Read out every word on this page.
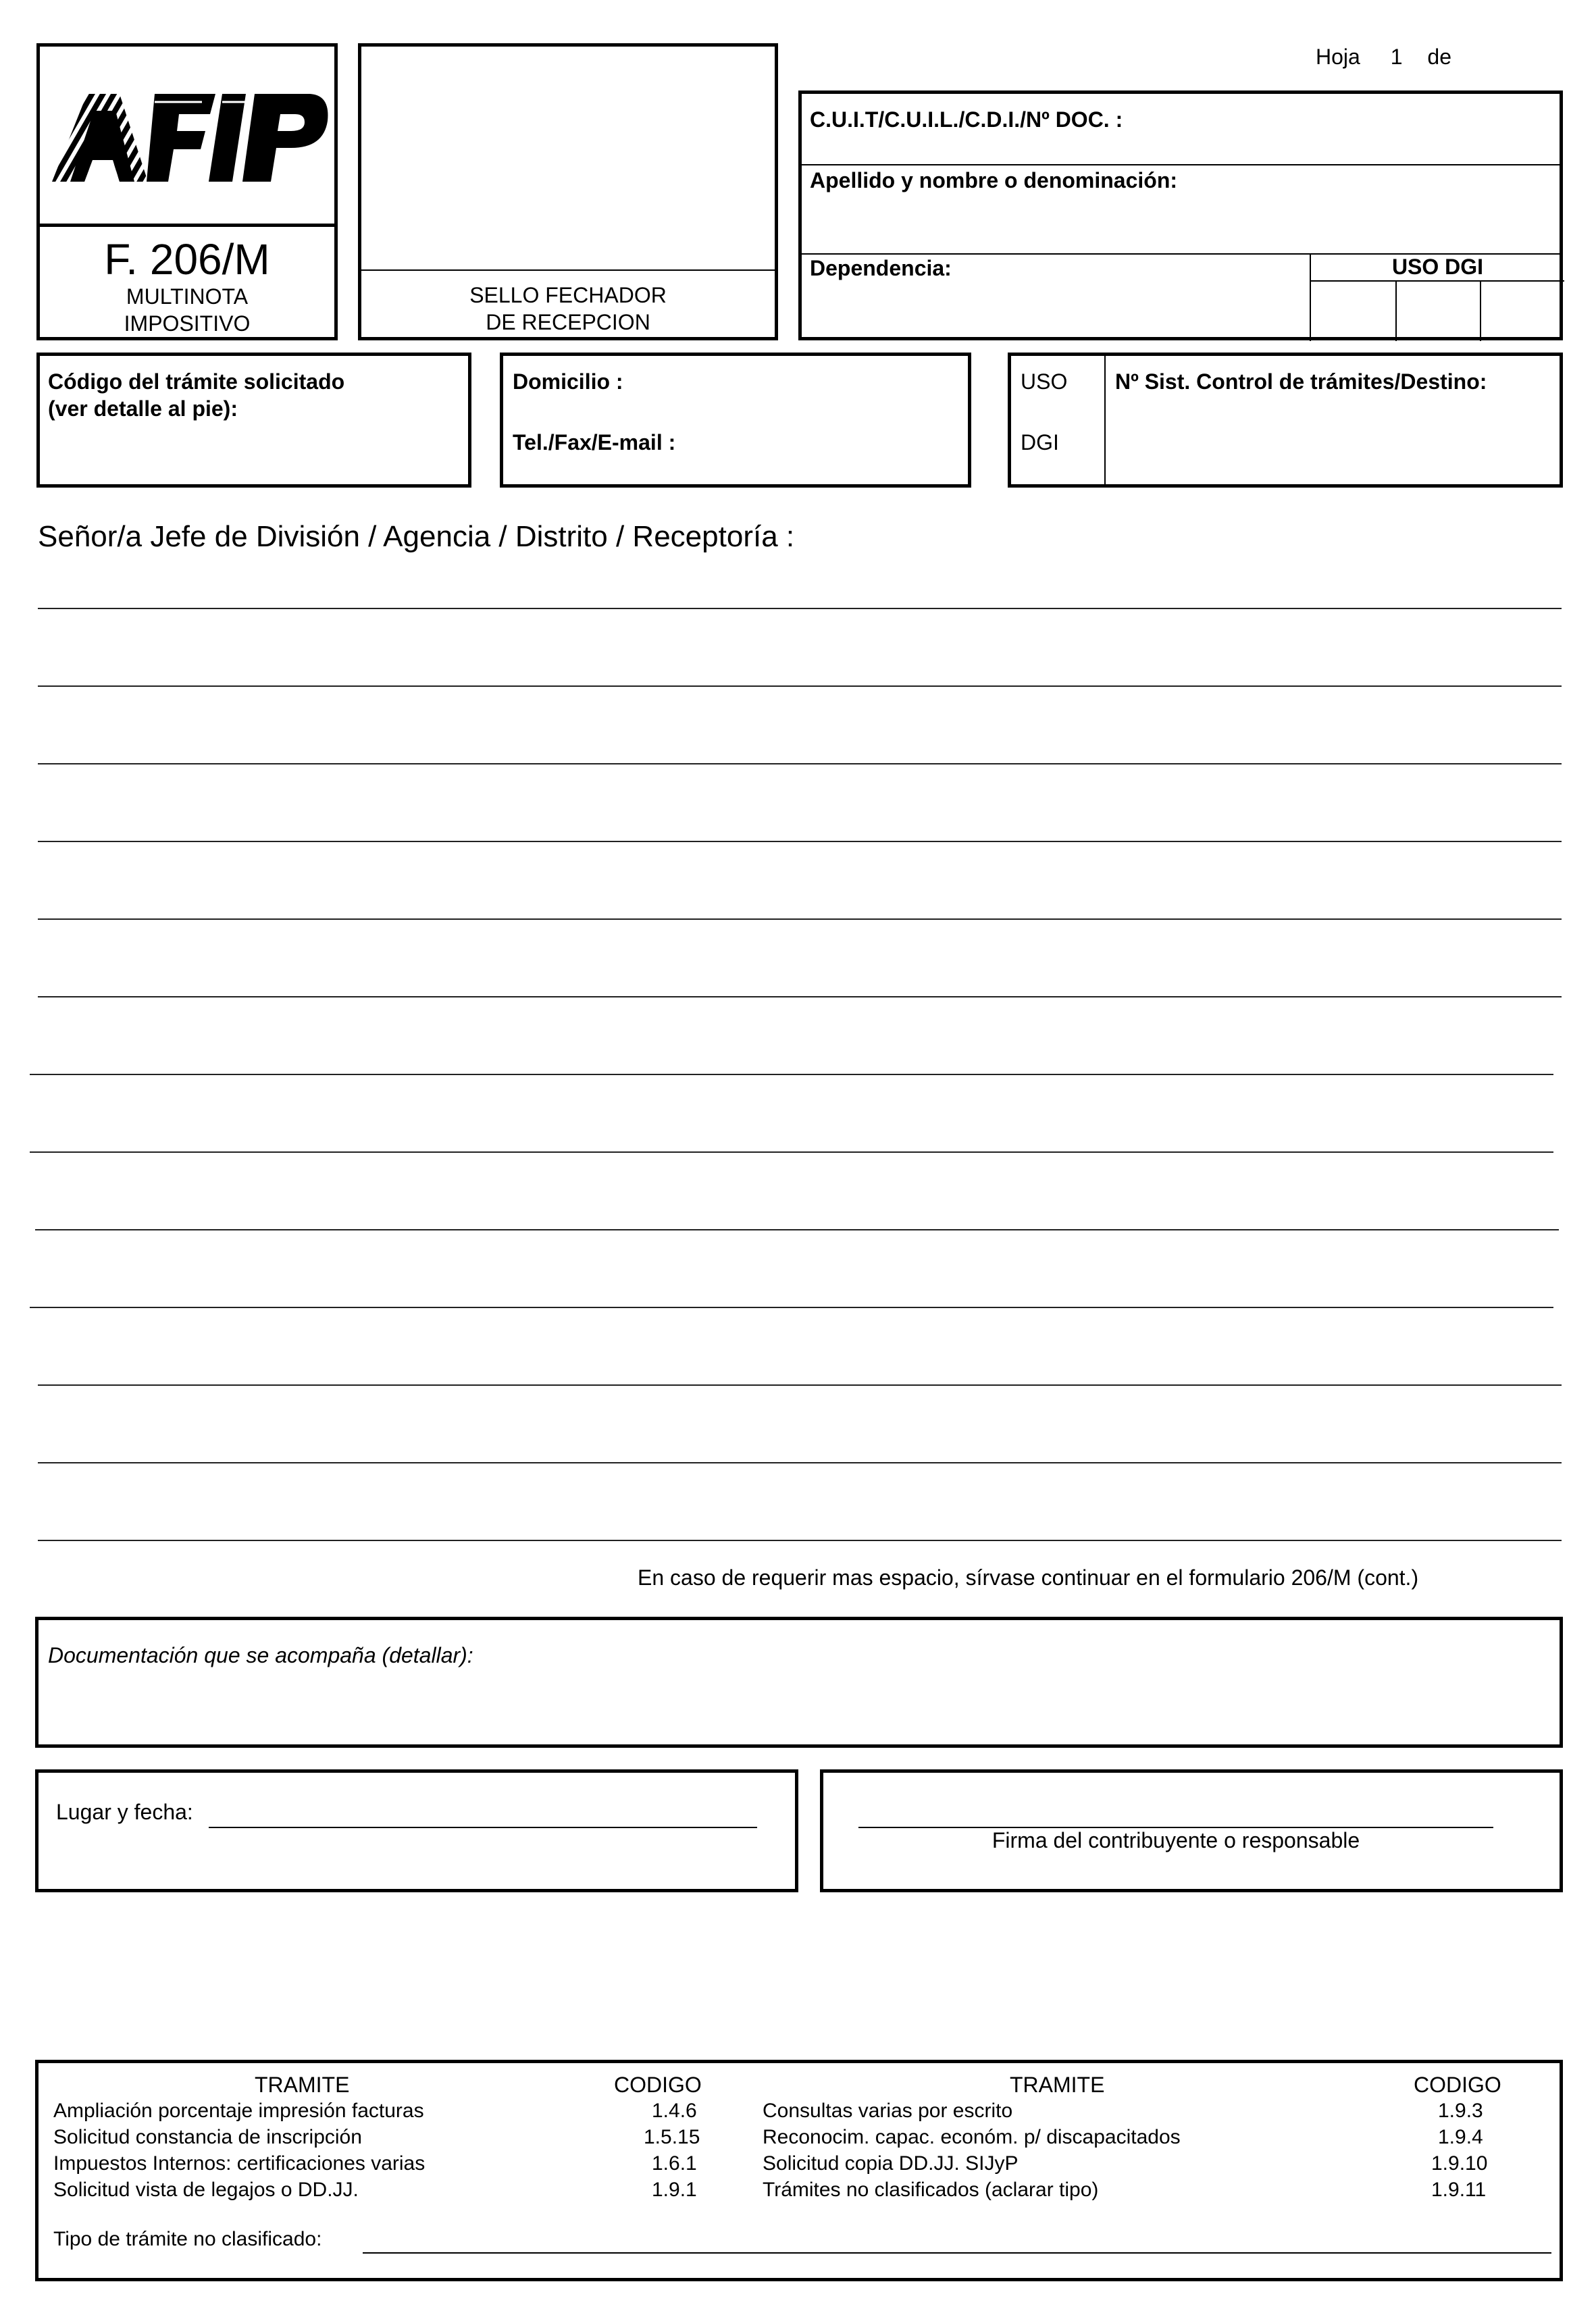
Hoja 1 de
F. 206/M
MULTINOTA
IMPOSITIVO
SELLO FECHADOR
DE RECEPCION
C.U.I.T/C.U.I.L./C.D.I./Nº DOC. :
Apellido y nombre o denominación:
Dependencia:	USO DGI
Código del trámite solicitado
(ver detalle al pie):
Domicilio :
Tel./Fax/E-mail :
USO
DGI
Nº Sist. Control de trámites/Destino:
Señor/a Jefe de División / Agencia / Distrito / Receptoría :
En caso de requerir mas espacio, sírvase continuar en el formulario 206/M (cont.)
Documentación que se acompaña (detallar):
Lugar y fecha:
Firma del contribuyente o responsable
TRAMITE	CODIGO
Ampliación porcentaje impresión facturas	1.4.6
Solicitud constancia de inscripción	1.5.15
Impuestos Internos: certificaciones varias	1.6.1
Solicitud vista de legajos o DD.JJ.	1.9.1
TRAMITE	CODIGO
Consultas varias por escrito	1.9.3
Reconocim. capac. económ. p/ discapacitados	1.9.4
Solicitud copia DD.JJ. SIJyP	1.9.10
Trámites no clasificados (aclarar tipo)	1.9.11
Tipo de trámite no clasificado:
